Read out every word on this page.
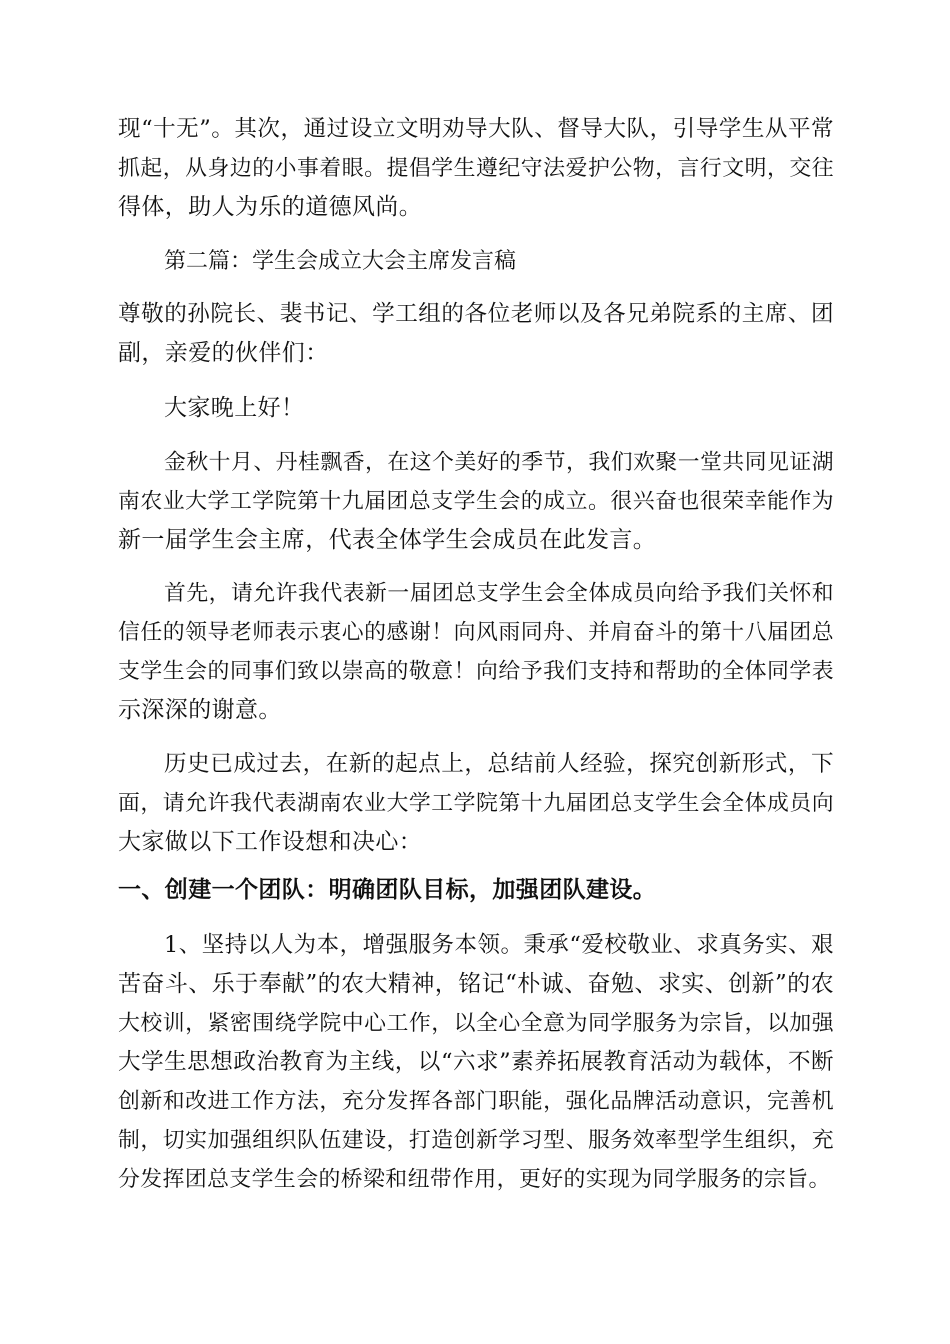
现“十无”。其次，通过设立文明劝导大队、督导大队，引导学生从平常
抓起，从身边的小事着眼。提倡学生遵纪守法爱护公物，言行文明，交往
得体，助人为乐的道德风尚。

第二篇：学生会成立大会主席发言稿

尊敬的孙院长、裴书记、学工组的各位老师以及各兄弟院系的主席、团
副，亲爱的伙伴们：

大家晚上好！

金秋十月、丹桂飘香，在这个美好的季节，我们欢聚一堂共同见证湖
南农业大学工学院第十九届团总支学生会的成立。很兴奋也很荣幸能作为
新一届学生会主席，代表全体学生会成员在此发言。

首先，请允许我代表新一届团总支学生会全体成员向给予我们关怀和
信任的领导老师表示衷心的感谢！向风雨同舟、并肩奋斗的第十八届团总
支学生会的同事们致以崇高的敬意！向给予我们支持和帮助的全体同学表
示深深的谢意。

历史已成过去，在新的起点上，总结前人经验，探究创新形式，下
面，请允许我代表湖南农业大学工学院第十九届团总支学生会全体成员向
大家做以下工作设想和决心：

一、创建一个团队：明确团队目标，加强团队建设。

1、坚持以人为本，增强服务本领。秉承“爱校敬业、求真务实、艰
苦奋斗、乐于奉献”的农大精神，铭记“朴诚、奋勉、求实、创新”的农
大校训，紧密围绕学院中心工作，以全心全意为同学服务为宗旨，以加强
大学生思想政治教育为主线，以“六求”素养拓展教育活动为载体，不断
创新和改进工作方法，充分发挥各部门职能，强化品牌活动意识，完善机
制，切实加强组织队伍建设，打造创新学习型、服务效率型学生组织，充
分发挥团总支学生会的桥梁和纽带作用，更好的实现为同学服务的宗旨。
